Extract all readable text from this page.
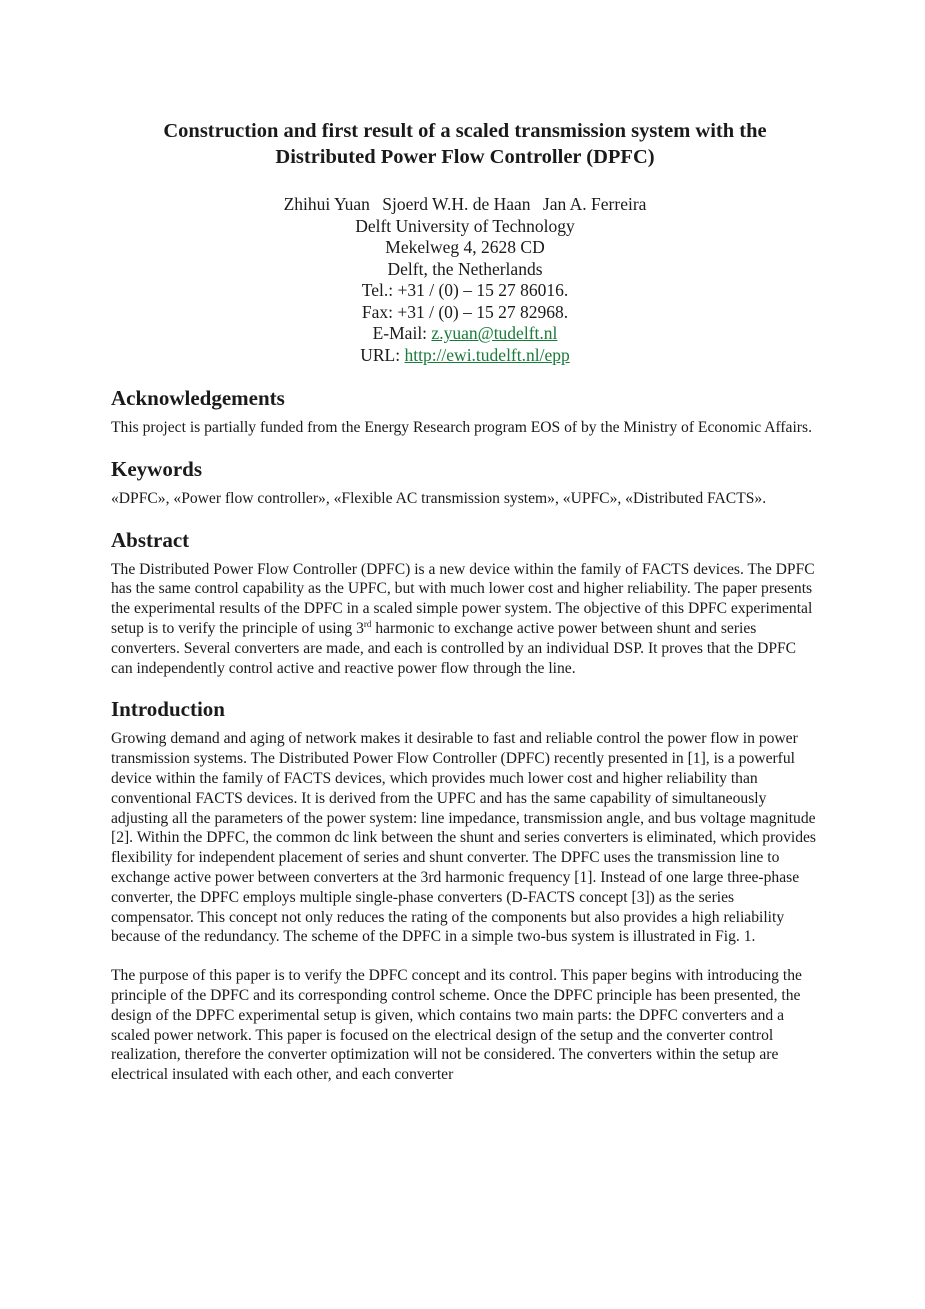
Construction and first result of a scaled transmission system with the
Distributed Power Flow Controller (DPFC)
Zhihui Yuan Sjoerd W.H. de Haan Jan A. Ferreira
Delft University of Technology
Mekelweg 4, 2628 CD
Delft, the Netherlands
Tel.: +31 / (0) – 15 27 86016.
Fax: +31 / (0) – 15 27 82968.
E-Mail: z.yuan@tudelft.nl
URL: http://ewi.tudelft.nl/epp
Acknowledgements

This project is partially funded from the Energy Research program EOS of by the Ministry of Economic Affairs.

Keywords

«DPFC», «Power flow controller», «Flexible AC transmission system», «UPFC», «Distributed FACTS».

Abstract

The Distributed Power Flow Controller (DPFC) is a new device within the family of FACTS devices. The DPFC has the same control capability as the UPFC, but with much lower cost and higher reliability. The paper presents the experimental results of the DPFC in a scaled simple power system. The objective of this DPFC experimental setup is to verify the principle of using 3rd harmonic to exchange active power between shunt and series converters. Several converters are made, and each is controlled by an individual DSP. It proves that the DPFC can independently control active and reactive power flow through the line.

Introduction

Growing demand and aging of network makes it desirable to fast and reliable control the power flow in power transmission systems. The Distributed Power Flow Controller (DPFC) recently presented in [1], is a powerful device within the family of FACTS devices, which provides much lower cost and higher reliability than conventional FACTS devices. It is derived from the UPFC and has the same capability of simultaneously adjusting all the parameters of the power system: line impedance, transmission angle, and bus voltage magnitude [2]. Within the DPFC, the common dc link between the shunt and series converters is eliminated, which provides flexibility for independent placement of series and shunt converter. The DPFC uses the transmission line to exchange active power between converters at the 3rd harmonic frequency [1]. Instead of one large three-phase converter, the DPFC employs multiple single-phase converters (D-FACTS concept [3]) as the series compensator. This concept not only reduces the rating of the components but also provides a high reliability because of the redundancy. The scheme of the DPFC in a simple two-bus system is illustrated in Fig. 1.

The purpose of this paper is to verify the DPFC concept and its control. This paper begins with introducing the principle of the DPFC and its corresponding control scheme. Once the DPFC principle has been presented, the design of the DPFC experimental setup is given, which contains two main parts: the DPFC converters and a scaled power network. This paper is focused on the electrical design of the setup and the converter control realization, therefore the converter optimization will not be considered. The converters within the setup are electrical insulated with each other, and each converter
